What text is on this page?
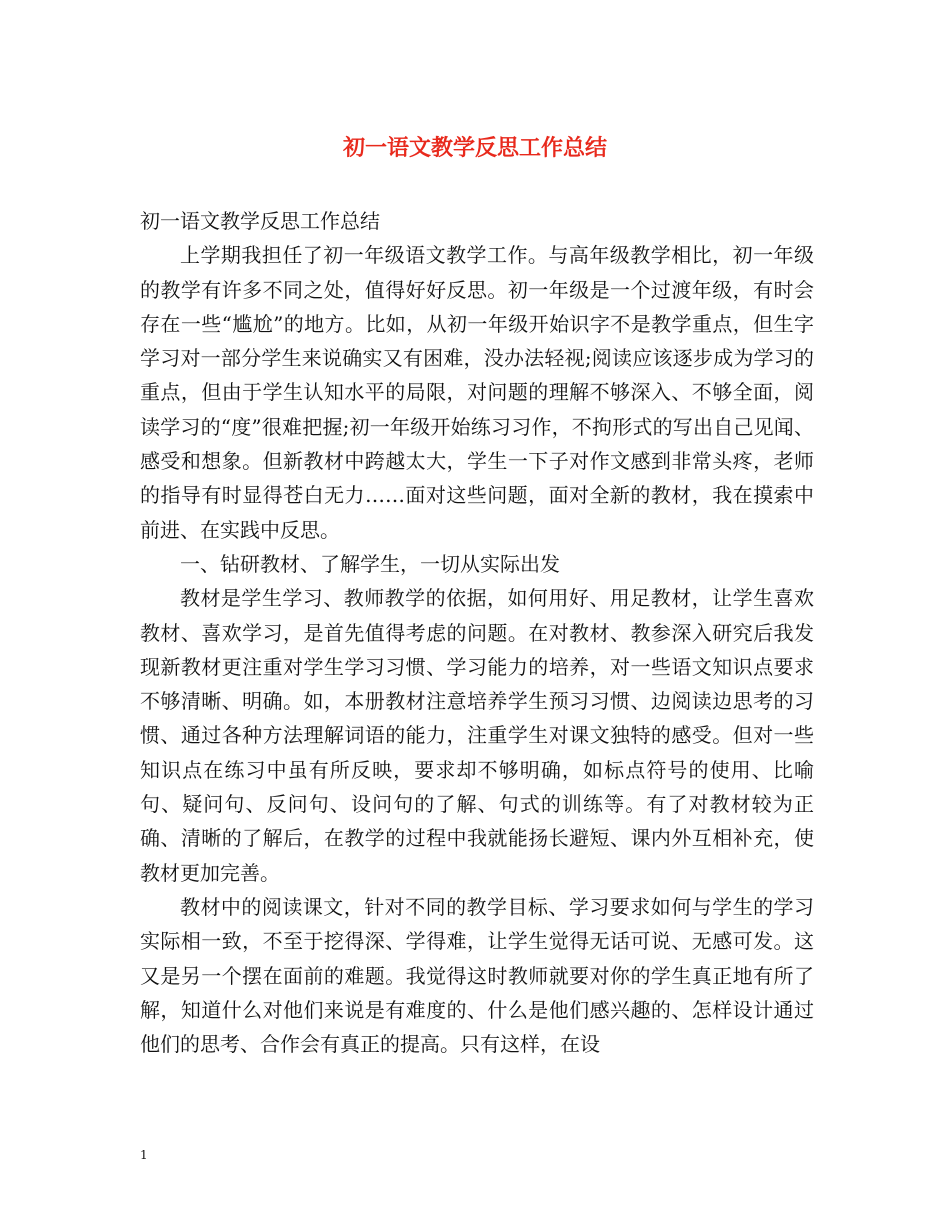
初一语文教学反思工作总结

初一语文教学反思工作总结

上学期我担任了初一年级语文教学工作。与高年级教学相比，初一年级的教学有许多不同之处，值得好好反思。初一年级是一个过渡年级，有时会存在一些“尴尬”的地方。比如，从初一年级开始识字不是教学重点，但生字学习对一部分学生来说确实又有困难，没办法轻视;阅读应该逐步成为学习的重点，但由于学生认知水平的局限，对问题的理解不够深入、不够全面，阅读学习的“度”很难把握;初一年级开始练习习作，不拘形式的写出自己见闻、感受和想象。但新教材中跨越太大，学生一下子对作文感到非常头疼，老师的指导有时显得苍白无力……面对这些问题，面对全新的教材，我在摸索中前进、在实践中反思。

一、钻研教材、了解学生，一切从实际出发

教材是学生学习、教师教学的依据，如何用好、用足教材，让学生喜欢教材、喜欢学习，是首先值得考虑的问题。在对教材、教参深入研究后我发现新教材更注重对学生学习习惯、学习能力的培养，对一些语文知识点要求不够清晰、明确。如，本册教材注意培养学生预习习惯、边阅读边思考的习惯、通过各种方法理解词语的能力，注重学生对课文独特的感受。但对一些知识点在练习中虽有所反映，要求却不够明确，如标点符号的使用、比喻句、疑问句、反问句、设问句的了解、句式的训练等。有了对教材较为正确、清晰的了解后，在教学的过程中我就能扬长避短、课内外互相补充，使教材更加完善。

教材中的阅读课文，针对不同的教学目标、学习要求如何与学生的学习实际相一致，不至于挖得深、学得难，让学生觉得无话可说、无感可发。这又是另一个摆在面前的难题。我觉得这时教师就要对你的学生真正地有所了解，知道什么对他们来说是有难度的、什么是他们感兴趣的、怎样设计通过他们的思考、合作会有真正的提高。只有这样，在设

1
